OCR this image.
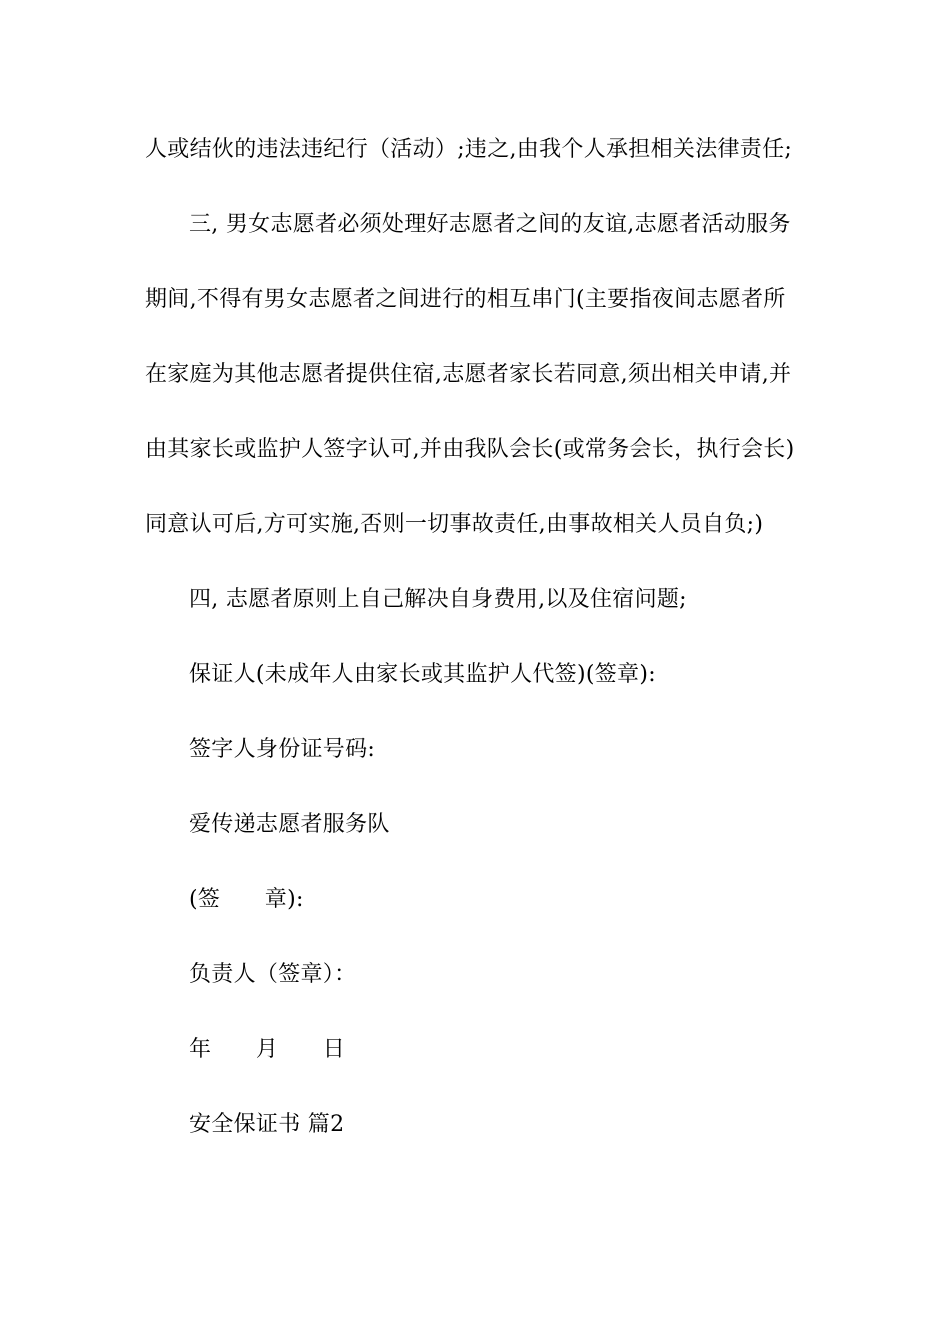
人或结伙的违法违纪行（活动）;违之,由我个人承担相关法律责任;
三, 男女志愿者必须处理好志愿者之间的友谊,志愿者活动服务
期间,不得有男女志愿者之间进行的相互串门(主要指夜间志愿者所
在家庭为其他志愿者提供住宿,志愿者家长若同意,须出相关申请,并
由其家长或监护人签字认可,并由我队会长(或常务会长，执行会长)
同意认可后,方可实施,否则一切事故责任,由事故相关人员自负;)
四, 志愿者原则上自己解决自身费用,以及住宿问题;
保证人(未成年人由家长或其监护人代签)(签章):
签字人身份证号码:
爱传递志愿者服务队
(签　　章):
负责人（签章）：
年　　月　　日
安全保证书 篇2
